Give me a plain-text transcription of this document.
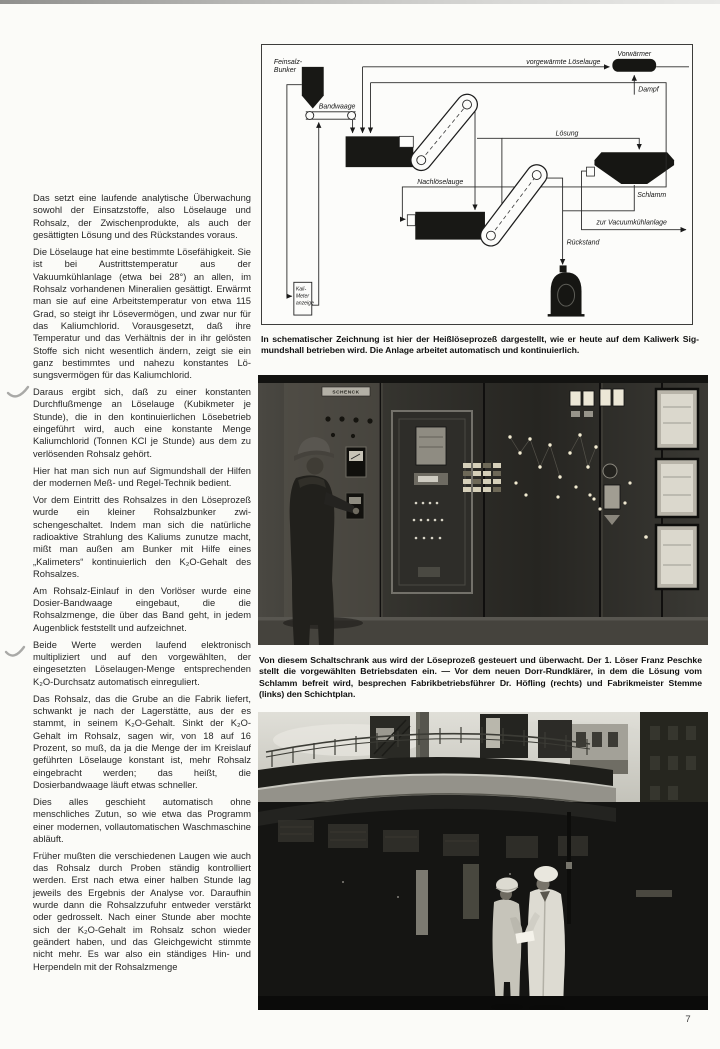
Das setzt eine laufende analytische Überwachung sowohl der Einsatzstoffe, also Löselauge und Rohsalz, der Zwischenprodukte, als auch der gesättigten Lösung und des Rückstandes voraus.

Die Löselauge hat eine bestimmte Lösefähigkeit. Sie ist bei Austrittstemperatur aus der Vakuumkühlanlage (etwa bei 28°) an allen, im Rohsalz vorhandenen Mineralien gesättigt. Erwärmt man sie auf eine Arbeitstemperatur von etwa 115 Grad, so steigt ihr Lösevermögen, und zwar nur für das Kaliumchlorid. Vorausgesetzt, daß ihre Temperatur und das Verhältnis der in ihr gelösten Stoffe sich nicht wesentlich ändern, zeigt sie ein ganz bestimmtes und nahezu konstantes Lösungsvermögen für das Kaliumchlorid.

Daraus ergibt sich, daß zu einer konstanten Durchflußmenge an Löselauge (Kubikmeter je Stunde), die in den kontinuierlichen Lösebetrieb eingeführt wird, auch eine konstante Menge Kaliumchlorid (Tonnen KCl je Stunde) aus dem zu verlösenden Rohsalz gehört.

Hier hat man sich nun auf Sigmundshall der Hilfen der modernen Meß- und Regel-Technik bedient.

Vor dem Eintritt des Rohsalzes in den Löseprozeß wurde ein kleiner Rohsalzbunker zwischengeschaltet. Indem man sich die natürliche radioaktive Strahlung des Kaliums zunutze macht, mißt man außen am Bunker mit Hilfe eines „Kalimeters“ kontinuierlich den K₂O-Gehalt des Rohsalzes.

Am Rohsalz-Einlauf in den Vorlöser wurde eine Dosier-Bandwaage eingebaut, die die Rohsalzmenge, die über das Band geht, in jedem Augenblick feststellt und aufzeichnet.

Beide Werte werden laufend elektronisch multipliziert und auf den vorgewählten, der eingesetzten Löselaugen-Menge entsprechenden K₂O-Durchsatz automatisch einreguliert.

Das Rohsalz, das die Grube an die Fabrik liefert, schwankt je nach der Lagerstätte, aus der es stammt, in seinem K₂O-Gehalt. Sinkt der K₂O-Gehalt im Rohsalz, sagen wir, von 18 auf 16 Prozent, so muß, da ja die Menge der im Kreislauf geführten Löselauge konstant ist, mehr Rohsalz eingebracht werden; das heißt, die Dosierbandwaage läuft etwas schneller.

Dies alles geschieht automatisch ohne menschliches Zutun, so wie etwa das Programm einer modernen, vollautomatischen Waschmaschine abläuft.

Früher mußten die verschiedenen Laugen wie auch das Rohsalz durch Proben ständig kontrolliert werden. Erst nach etwa einer halben Stunde lag jeweils des Ergebnis der Analyse vor. Daraufhin wurde dann die Rohsalzzufuhr entweder verstärkt oder gedrosselt. Nach einer Stunde aber mochte sich der K₂O-Gehalt im Rohsalz schon wieder geändert haben, und das Gleichgewicht stimmte nicht mehr. Es war also ein ständiges Hin- und Herpendeln mit der Rohsalzmenge

Feinsalz-
Bunker
Bandwaage
vorgewärmte Löselauge
Vorwärmer
Dampf
Lösung
Nachlöselauge
Schlamm
zur Vacuumkühlanlage
Rückstand
Kali-
Meter
anzeige

In schematischer Zeichnung ist hier der Heißlöseprozeß dargestellt, wie er heute auf dem Kaliwerk Sigmundshall betrieben wird. Die Anlage arbeitet automatisch und kontinuierlich.

SCHENCK

Von diesem Schaltschrank aus wird der Löseprozeß gesteuert und überwacht. Der 1. Löser Franz Peschke stellt die vorgewählten Betriebsdaten ein. — Vor dem neuen Dorr-Rundklärer, in dem die Lösung vom Schlamm befreit wird, besprechen Fabrikbetriebsführer Dr. Höfling (rechts) und Fabrikmeister Stemme (links) den Schichtplan.

7
